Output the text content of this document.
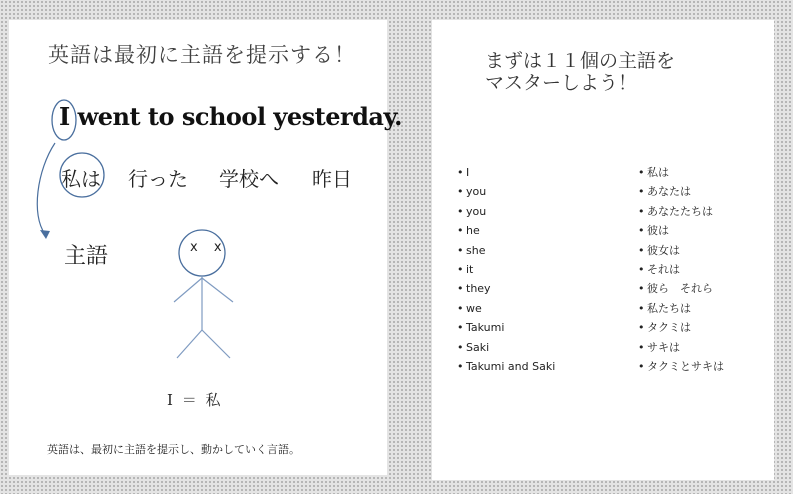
英語は最初に主語を提示する！
I went to school yesterday.
私は 行った 学校へ 昨日
主語	x x
I ＝ 私
英語は、最初に主語を提示し、動かしていく言語。
まずは１１個の主語を
マスターしよう！
• I
• you
• you
• he
• she
• it
• they
• we
• Takumi
• Saki
• Takumi and Saki
• 私は
• あなたは
• あなたたちは
• 彼は
• 彼女は
• それは
• 彼ら　それら
• 私たちは
• タクミは
• サキは
• タクミとサキは
